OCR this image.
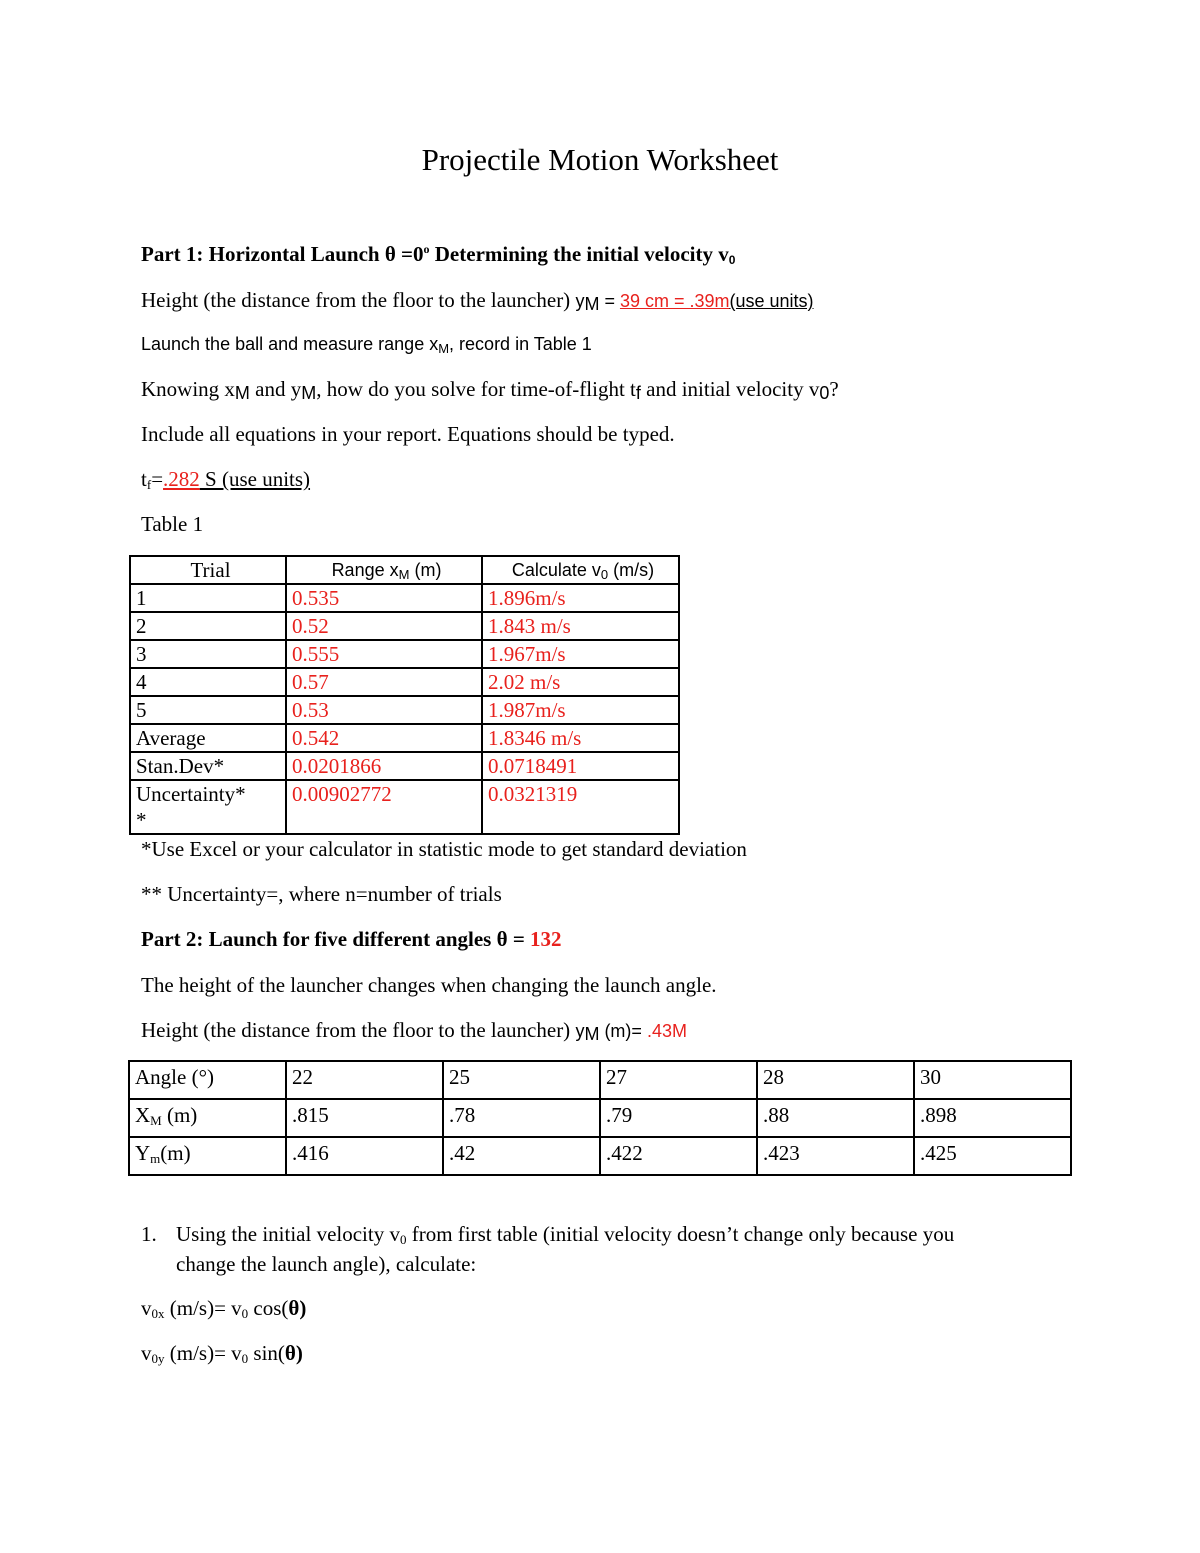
Projectile Motion Worksheet
Part 1: Horizontal Launch $\theta =0^o$ Determining the initial velocity $v_0$
Height (the distance from the floor to the launcher) $y_M = 39$ cm = .39m(use units)
Launch the ball and measure range $x_M$, record in Table 1
Knowing $x_M$ and $y_M$, how do you solve for time-of-flight $t_f$ and initial velocity $v_0$?
Include all equations in your report. Equations should be typed.
$t_f=.282$ S (use units)
Table 1
Trial	Range $x_M$ (m)	Calculate $v_0$ (m/s)
1	0.535	1.896m/s
2	0.52	1.843 m/s
3	0.555	1.967m/s
4	0.57	2.02 m/s
5	0.53	1.987m/s
Average	0.542	1.8346 m/s
Stan.Dev*	0.0201866	0.0718491
Uncertainty*
*	0.00902772	0.0321319
*Use Excel or your calculator in statistic mode to get standard deviation
** Uncertainty=, where n=number of trials
Part 2: Launch for five different angles θ = 132
The height of the launcher changes when changing the launch angle.
Height (the distance from the floor to the launcher) $y_M$ (m)= .43M
Angle (°)	22	25	27	28	30
$X_M$ (m)	.815	.78	.79	.88	.898
$Y_m(m)$	.416	.42	.422	.423	.425
1. Using the initial velocity $v_0$ from first table (initial velocity doesn’t change only because you
change the launch angle), calculate:
$v_{0x}$ $(m/s)= v_0$ cos(θ)
$v_{0y}$ $(m/s)= v_0$ sin(θ)
